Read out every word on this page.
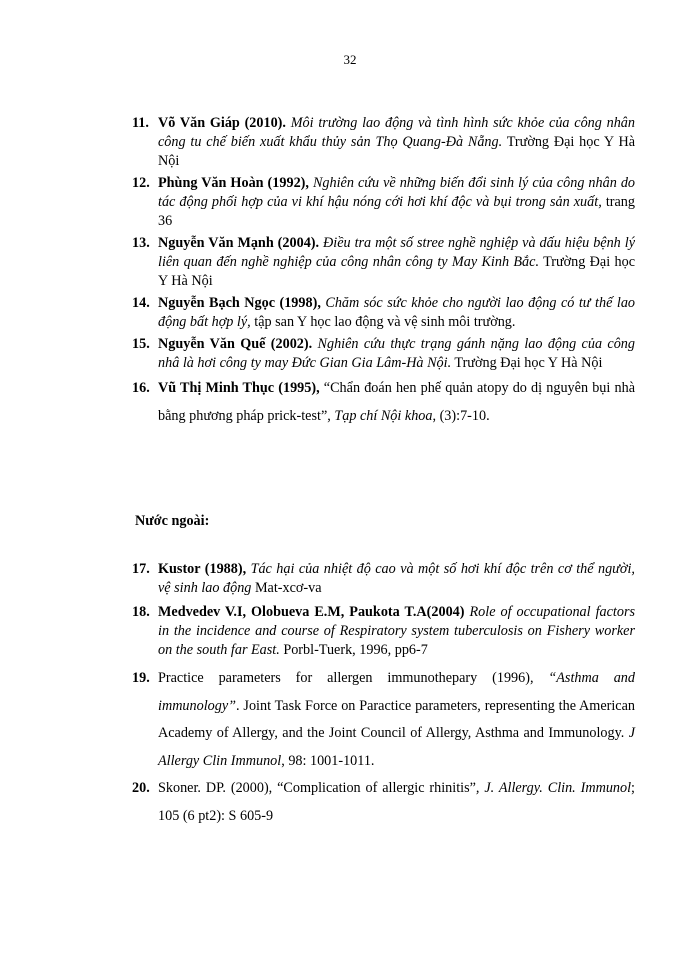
32
11. Võ Văn Giáp (2010). Môi trường lao động và tình hình sức khỏe của công nhân công tu chế biến xuất khẩu thủy sản Thọ Quang-Đà Nẵng. Trường Đại học Y Hà Nội
12. Phùng Văn Hoàn (1992), Nghiên cứu về những biến đổi sinh lý của công nhân do tác động phối hợp của vi khí hậu nóng cới hơi khí độc và bụi trong sản xuất, trang 36
13. Nguyễn Văn Mạnh (2004). Điều tra một số stree nghề nghiệp và dấu hiệu bệnh lý liên quan đến nghề nghiệp của công nhân công ty May Kinh Bắc. Trường Đại học Y Hà Nội
14. Nguyễn Bạch Ngọc (1998), Chăm sóc sức khỏe cho người lao động có tư thế lao động bất hợp lý, tập san Y học lao động và vệ sinh môi trường.
15. Nguyễn Văn Quế (2002). Nghiên cứu thực trạng gánh nặng lao động của công nhâ là hơi công ty may Đức Gian Gia Lâm-Hà Nội. Trường Đại học Y Hà Nội
16. Vũ Thị Minh Thục (1995), “Chẩn đoán hen phế quản atopy do dị nguyên bụi nhà bằng phương pháp prick-test”, Tạp chí Nội khoa, (3):7-10.
Nước ngoài:
17. Kustor (1988), Tác hại của nhiệt độ cao và một số hơi khí độc trên cơ thể người, vệ sinh lao động Mat-xcơ-va
18. Medvedev V.I, Olobueva E.M, Paukota T.A(2004) Role of occupational factors in the incidence and course of Respiratory system tuberculosis on Fishery worker on the south far East. Porbl-Tuerk, 1996, pp6-7
19. Practice parameters for allergen immunothepary (1996), “Asthma and immunology”. Joint Task Force on Paractice parameters, representing the American Academy of Allergy, and the Joint Council of Allergy, Asthma and Immunology. J Allergy Clin Immunol, 98: 1001-1011.
20. Skoner. DP. (2000), “Complication of allergic rhinitis”, J. Allergy. Clin. Immunol; 105 (6 pt2): S 605-9
